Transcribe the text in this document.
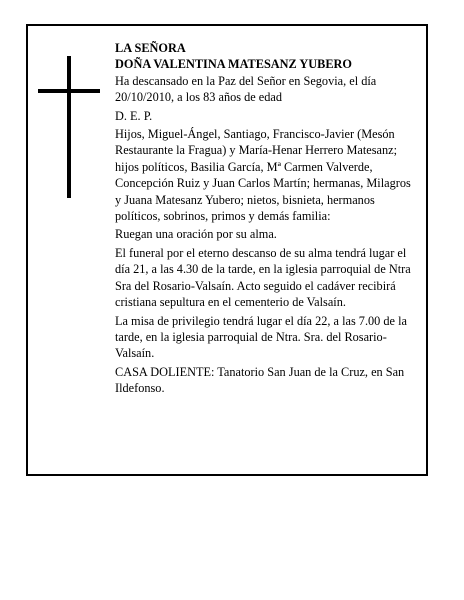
LA SEÑORA

DOÑA VALENTINA MATESANZ YUBERO

Ha descansado en la Paz del Señor en Segovia, el día 20/10/2010, a los 83 años de edad

D. E. P.

Hijos, Miguel-Ángel, Santiago, Francisco-Javier (Mesón Restaurante la Fragua) y María-Henar Herrero Matesanz; hijos políticos, Basilia García, Mª Carmen Valverde, Concepción Ruiz y Juan Carlos Martín; hermanas, Milagros y Juana Matesanz Yubero; nietos, bisnieta, hermanos políticos, sobrinos, primos y demás familia:

Ruegan una oración por su alma.

El funeral por el eterno descanso de su alma tendrá lugar el día 21, a las 4.30 de la tarde, en la iglesia parroquial de Ntra Sra del Rosario-Valsaín. Acto seguido el cadáver recibirá cristiana sepultura en el cementerio de Valsaín.

La misa de privilegio tendrá lugar el día 22, a las 7.00 de la tarde, en la iglesia parroquial de Ntra. Sra. del Rosario-Valsaín.

CASA DOLIENTE: Tanatorio San Juan de la Cruz, en San Ildefonso.
